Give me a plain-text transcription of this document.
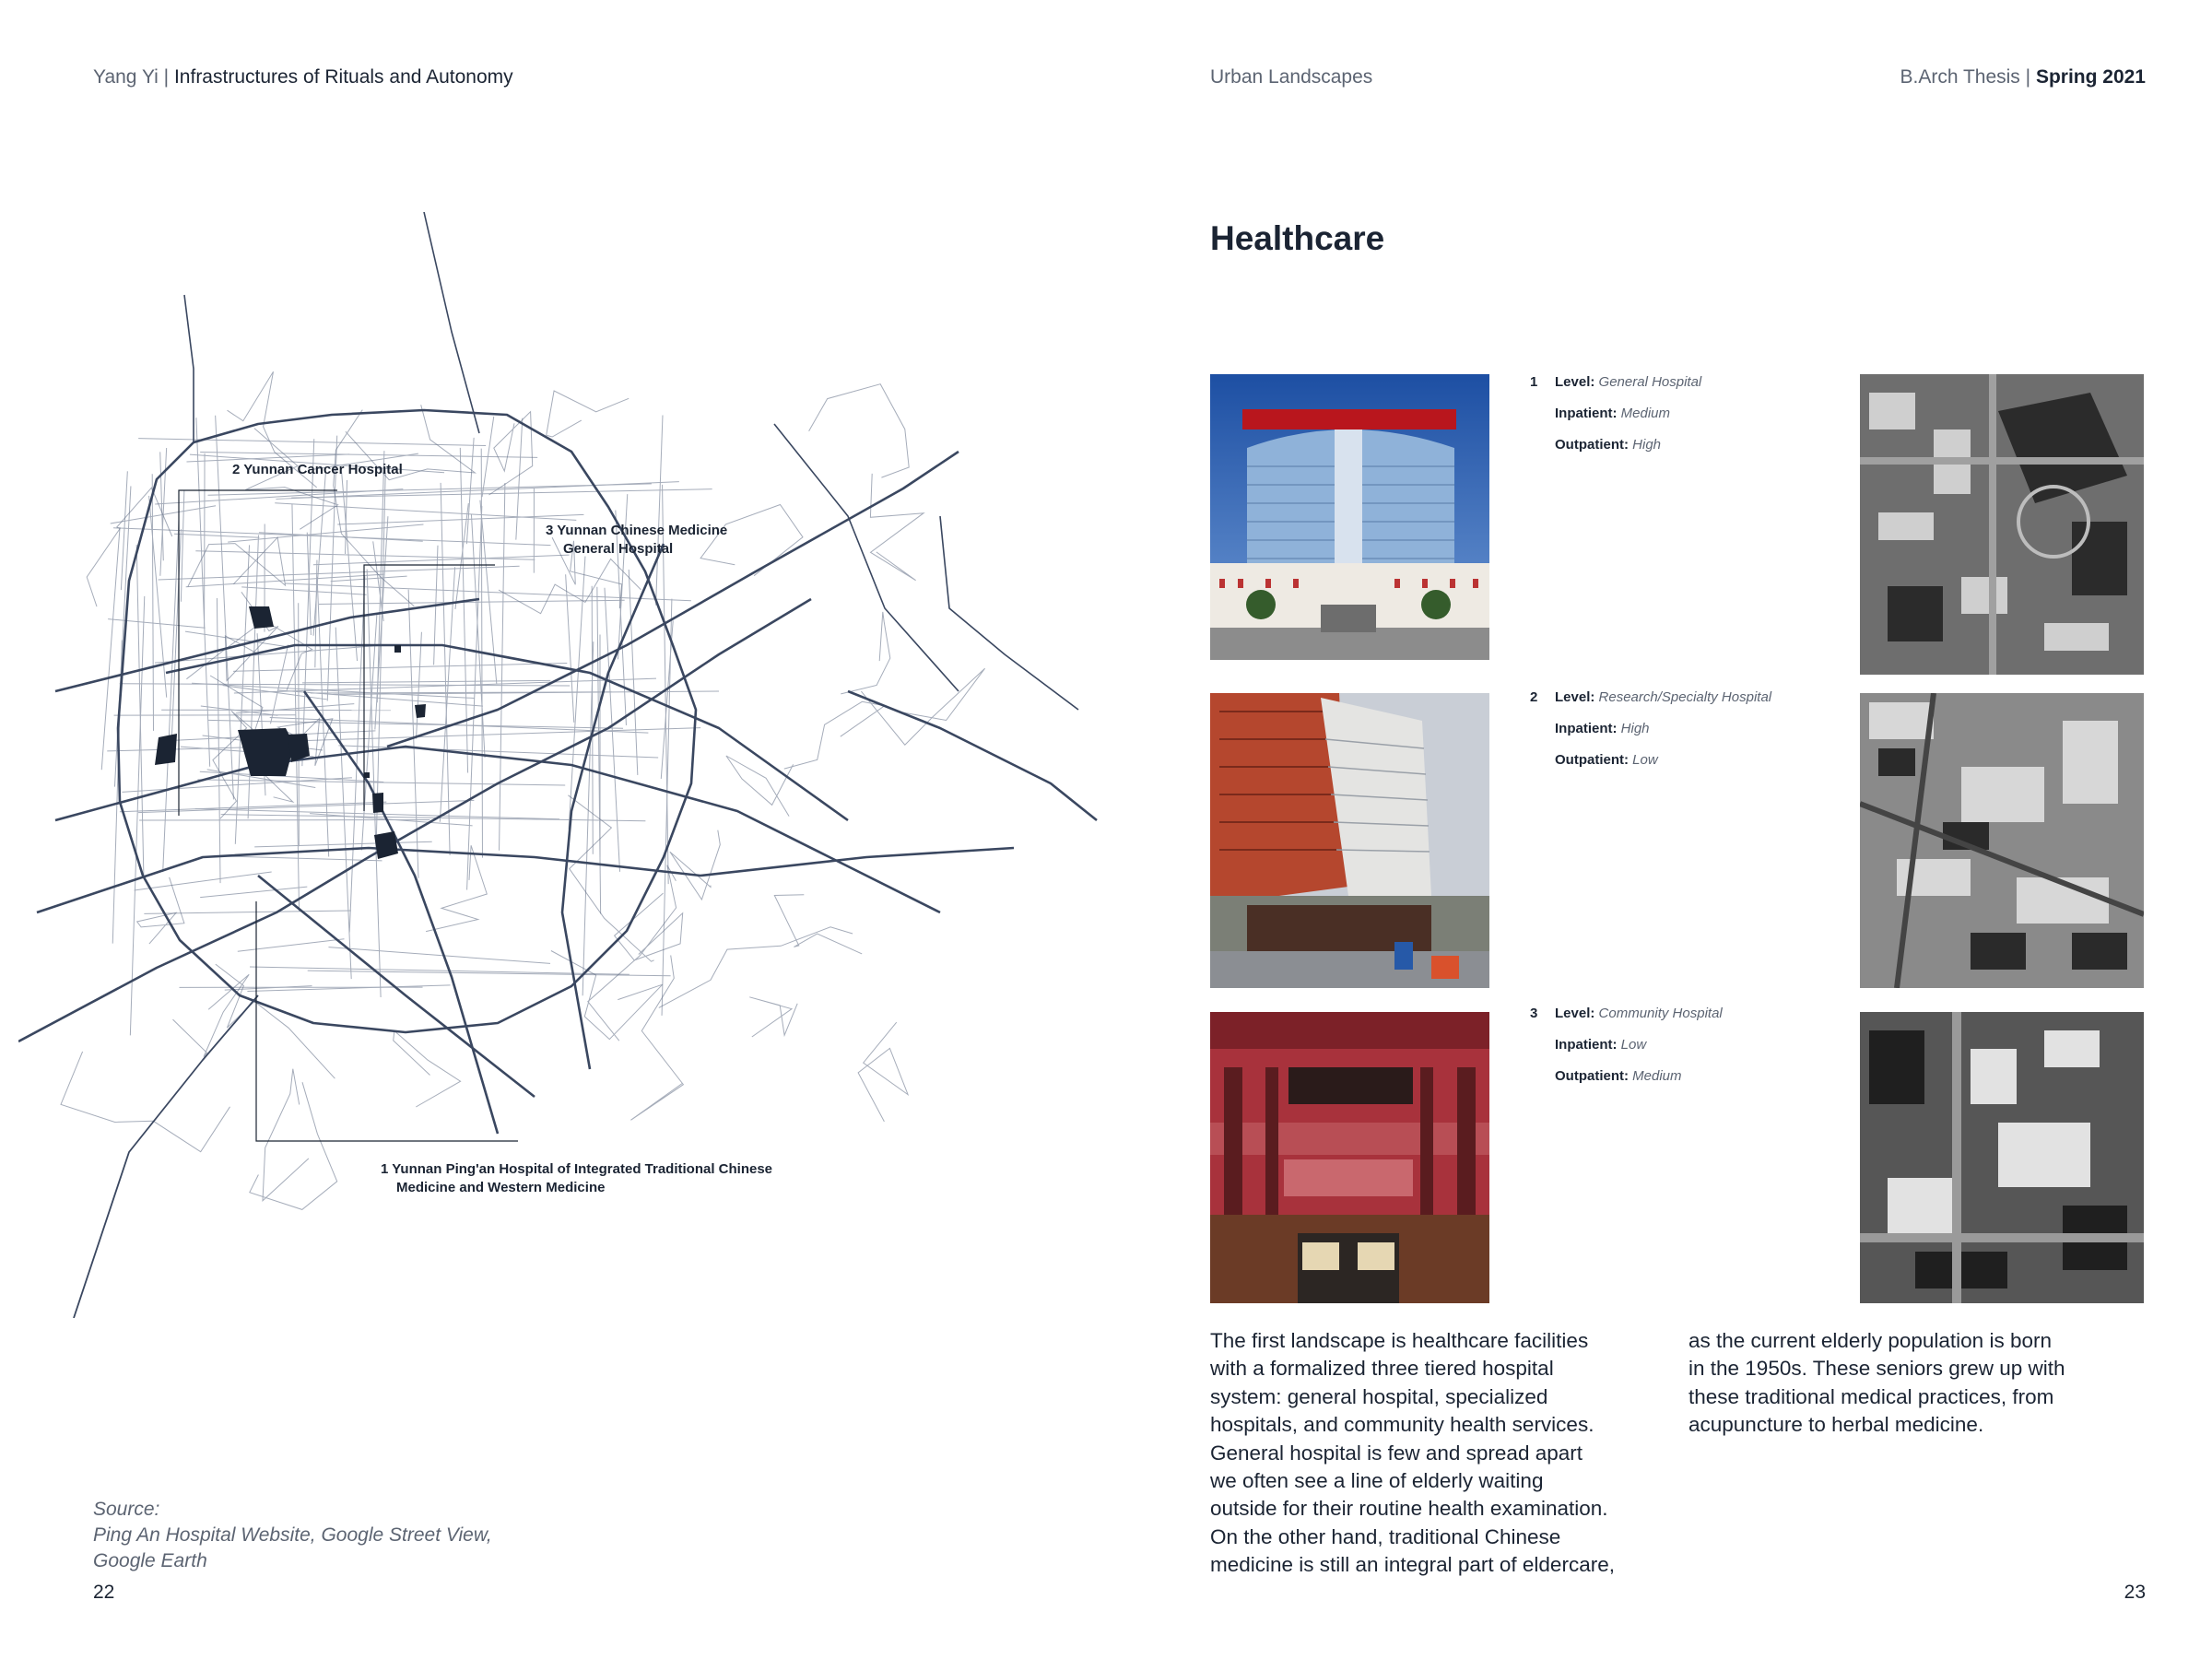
Yang Yi | Infrastructures of Rituals and Autonomy	Urban Landscapes	B.Arch Thesis | Spring 2021
2 Yunnan Cancer Hospital
3 Yunnan Chinese Medicine
General Hospital
1 Yunnan Ping'an Hospital of Integrated Traditional Chinese
Medicine and Western Medicine
Source:
Ping An Hospital Website, Google Street View,
Google Earth
22	23
Healthcare
1	Level: General Hospital
Inpatient: Medium
Outpatient: High
2	Level: Research/Specialty Hospital
Inpatient: High
Outpatient: Low
3	Level: Community Hospital
Inpatient: Low
Outpatient: Medium
The first landscape is healthcare facilities
with a formalized three tiered hospital
system: general hospital, specialized
hospitals, and community health services.
General hospital is few and spread apart
we often see a line of elderly waiting
outside for their routine health examination.
On the other hand, traditional Chinese
medicine is still an integral part of eldercare,
as the current elderly population is born
in the 1950s. These seniors grew up with
these traditional medical practices, from
acupuncture to herbal medicine.
